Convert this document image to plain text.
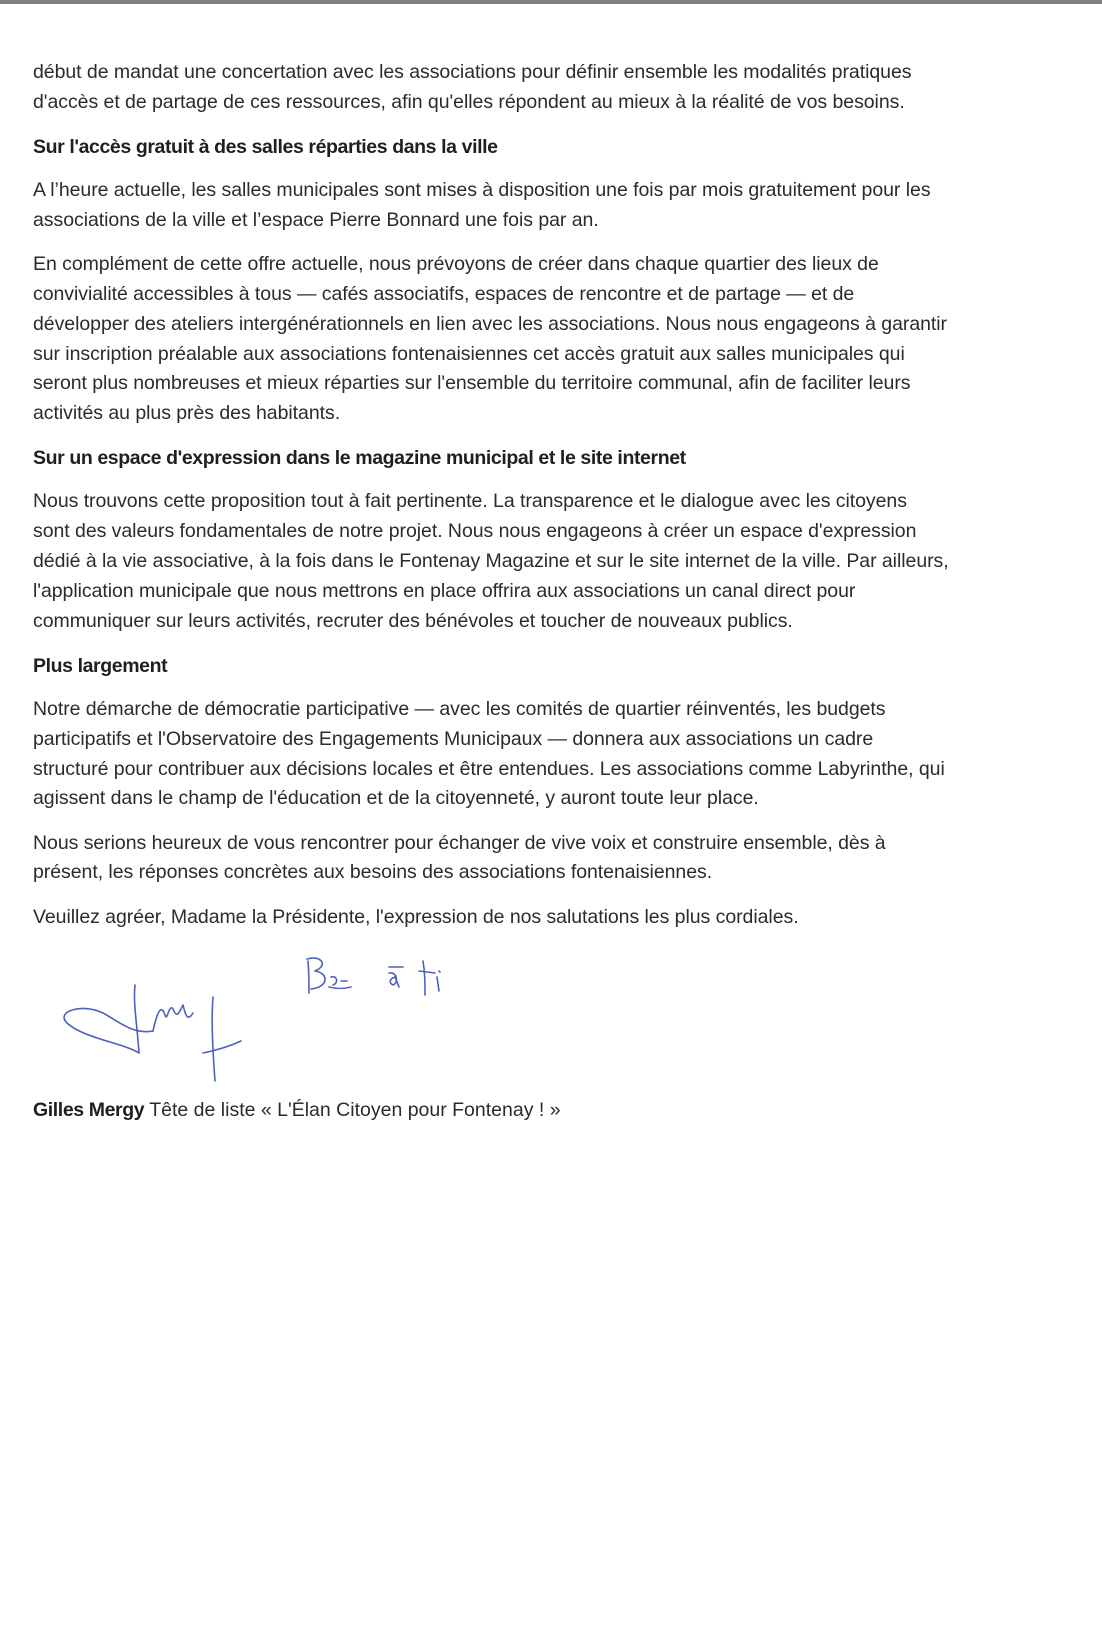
début de mandat une concertation avec les associations pour définir ensemble les modalités pratiques
d'accès et de partage de ces ressources, afin qu'elles répondent au mieux à la réalité de vos besoins.
Sur l'accès gratuit à des salles réparties dans la ville
A l’heure actuelle, les salles municipales sont mises à disposition une fois par mois gratuitement pour les
associations de la ville et l’espace Pierre Bonnard une fois par an.
En complément de cette offre actuelle, nous prévoyons de créer dans chaque quartier des lieux de
convivialité accessibles à tous — cafés associatifs, espaces de rencontre et de partage — et de
développer des ateliers intergénérationnels en lien avec les associations. Nous nous engageons à garantir
sur inscription préalable aux associations fontenaisiennes cet accès gratuit aux salles municipales qui
seront plus nombreuses et mieux réparties sur l'ensemble du territoire communal, afin de faciliter leurs
activités au plus près des habitants.
Sur un espace d'expression dans le magazine municipal et le site internet
Nous trouvons cette proposition tout à fait pertinente. La transparence et le dialogue avec les citoyens
sont des valeurs fondamentales de notre projet. Nous nous engageons à créer un espace d'expression
dédié à la vie associative, à la fois dans le Fontenay Magazine et sur le site internet de la ville. Par ailleurs,
l'application municipale que nous mettrons en place offrira aux associations un canal direct pour
communiquer sur leurs activités, recruter des bénévoles et toucher de nouveaux publics.
Plus largement
Notre démarche de démocratie participative — avec les comités de quartier réinventés, les budgets
participatifs et l'Observatoire des Engagements Municipaux — donnera aux associations un cadre
structuré pour contribuer aux décisions locales et être entendues. Les associations comme Labyrinthe, qui
agissent dans le champ de l'éducation et de la citoyenneté, y auront toute leur place.
Nous serions heureux de vous rencontrer pour échanger de vive voix et construire ensemble, dès à
présent, les réponses concrètes aux besoins des associations fontenaisiennes.
Veuillez agréer, Madame la Présidente, l'expression de nos salutations les plus cordiales.
Gilles Mergy Tête de liste « L'Élan Citoyen pour Fontenay ! »
